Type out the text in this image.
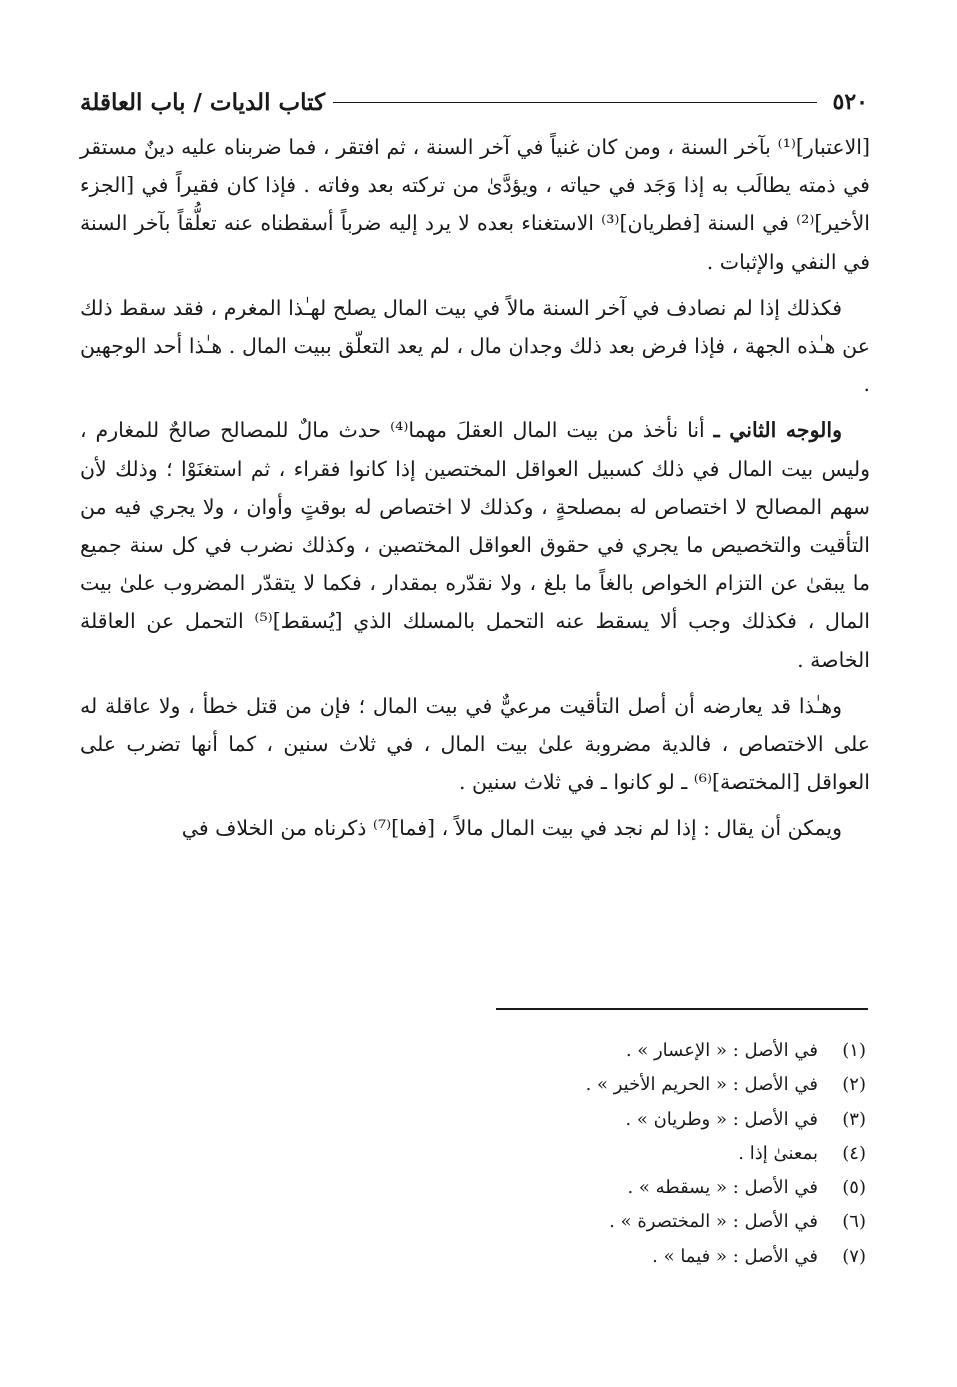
٥٢٠
كتاب الديات / باب العاقلة

[الاعتبار]⁽¹⁾ بآخر السنة ، ومن كان غنياً في آخر السنة ، ثم افتقر ، فما ضربناه عليه دينٌ مستقر في ذمته يطالَب به إذا وَجَد في حياته ، ويؤدَّىٰ من تركته بعد وفاته . فإذا كان فقيراً في [الجزء الأخير]⁽²⁾ في السنة [فطريان]⁽³⁾ الاستغناء بعده لا يرد إليه ضرباً أسقطناه عنه تعلُّقاً بآخر السنة في النفي والإثبات .

فكذلك إذا لم نصادف في آخر السنة مالاً في بيت المال يصلح لهـٰذا المغرم ، فقد سقط ذلك عن هـٰذه الجهة ، فإذا فرض بعد ذلك وجدان مال ، لم يعد التعلّق ببيت المال . هـٰذا أحد الوجهين .

والوجه الثاني ـ أنا نأخذ من بيت المال العقلَ مهما⁽⁴⁾ حدث مالٌ للمصالح صالحٌ للمغارم ، وليس بيت المال في ذلك كسبيل العواقل المختصين إذا كانوا فقراء ، ثم استغنَوْا ؛ وذلك لأن سهم المصالح لا اختصاص له بمصلحةٍ ، وكذلك لا اختصاص له بوقتٍ وأوان ، ولا يجري فيه من التأقيت والتخصيص ما يجري في حقوق العواقل المختصين ، وكذلك نضرب في كل سنة جميع ما يبقىٰ عن التزام الخواص بالغاً ما بلغ ، ولا نقدّره بمقدار ، فكما لا يتقدّر المضروب علىٰ بيت المال ، فكذلك وجب ألا يسقط عنه التحمل بالمسلك الذي [يُسقط]⁽⁵⁾ التحمل عن العاقلة الخاصة .

وهـٰذا قد يعارضه أن أصل التأقيت مرعيٌّ في بيت المال ؛ فإن من قتل خطأ ، ولا عاقلة له على الاختصاص ، فالدية مضروبة علىٰ بيت المال ، في ثلاث سنين ، كما أنها تضرب على العواقل [المختصة]⁽⁶⁾ ـ لو كانوا ـ في ثلاث سنين .

ويمكن أن يقال : إذا لم نجد في بيت المال مالاً ، [فما]⁽⁷⁾ ذكرناه من الخلاف في

(١)
في الأصل : « الإعسار » .
(٢)
في الأصل : « الحريم الأخير » .
(٣)
في الأصل : « وطريان » .
(٤)
بمعنىٰ إذا .
(٥)
في الأصل : « يسقطه » .
(٦)
في الأصل : « المختصرة » .
(٧)
في الأصل : « فيما » .
